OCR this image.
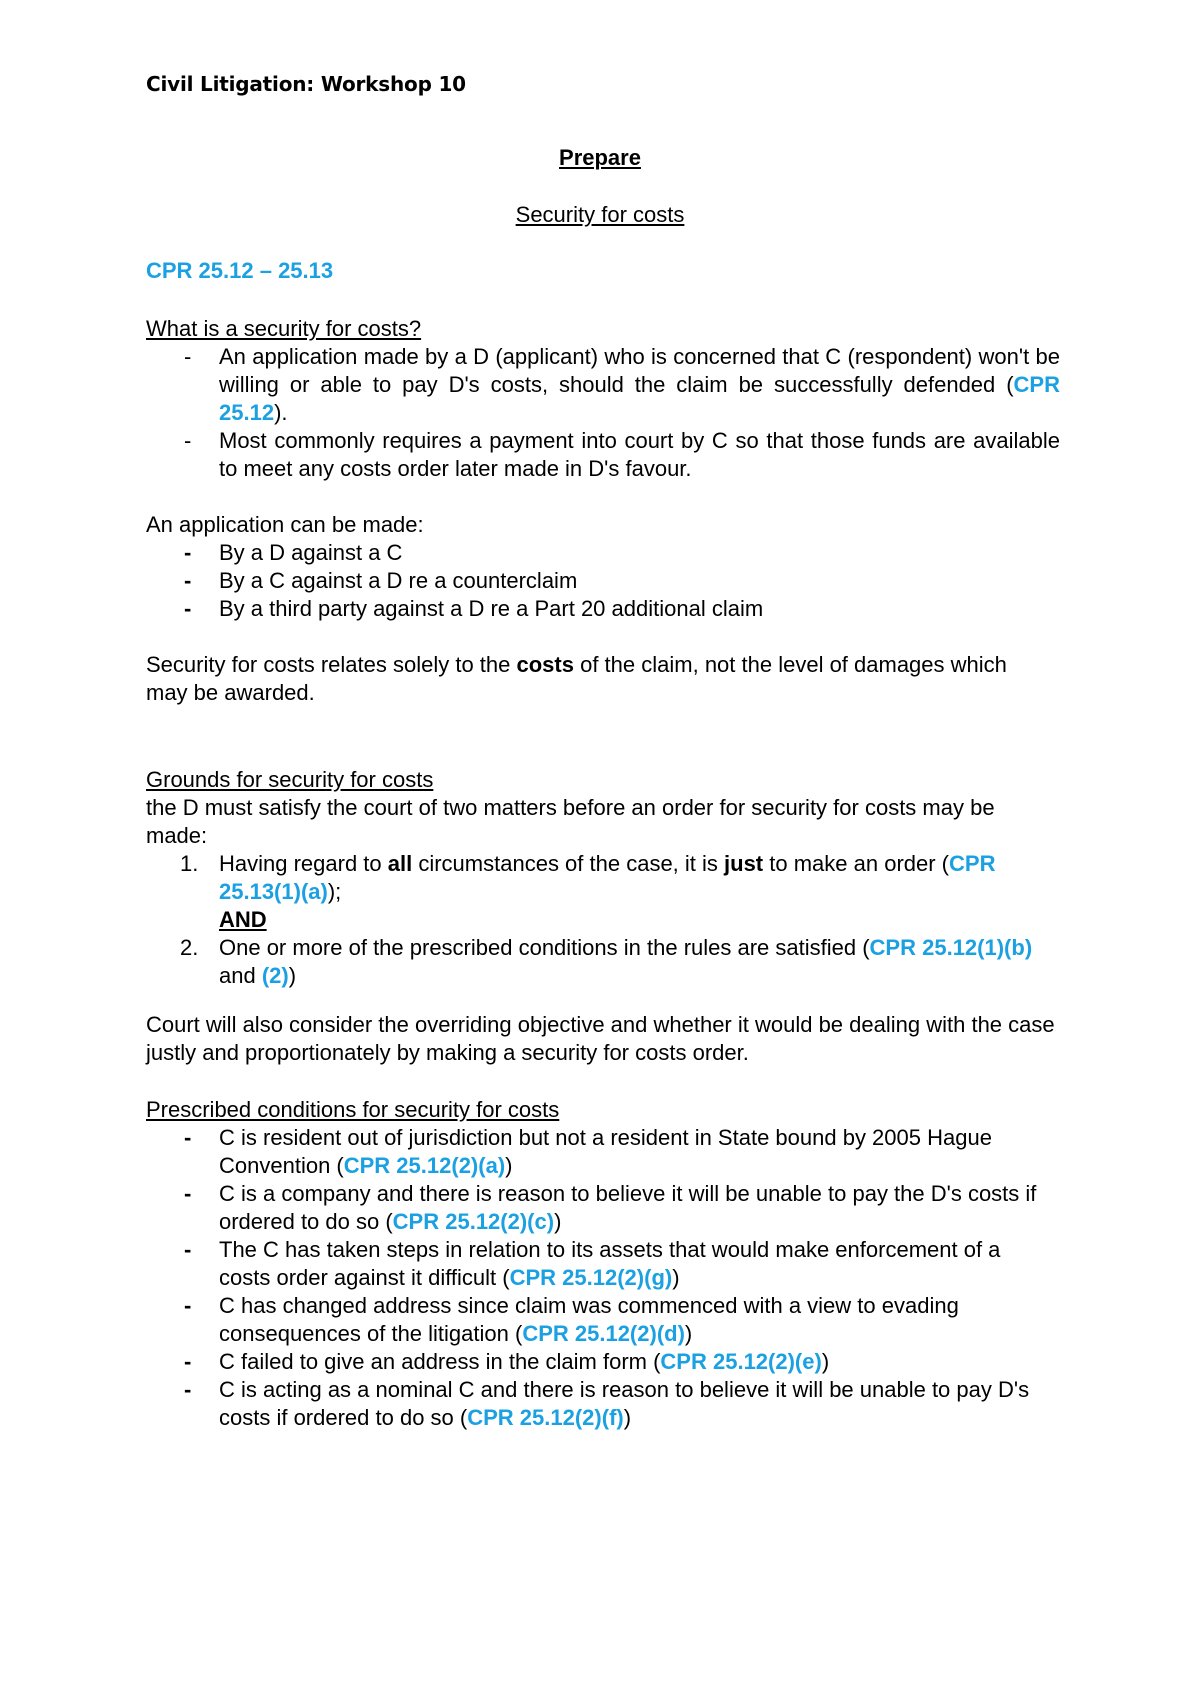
Civil Litigation: Workshop 10
Prepare
Security for costs
CPR 25.12 – 25.13
What is a security for costs?
- An application made by a D (applicant) who is concerned that C (respondent) won't be willing or able to pay D's costs, should the claim be successfully defended (CPR 25.12).
- Most commonly requires a payment into court by C so that those funds are available to meet any costs order later made in D's favour.
An application can be made:
- By a D against a C
- By a C against a D re a counterclaim
- By a third party against a D re a Part 20 additional claim
Security for costs relates solely to the costs of the claim, not the level of damages which may be awarded.
Grounds for security for costs
the D must satisfy the court of two matters before an order for security for costs may be made:
1. Having regard to all circumstances of the case, it is just to make an order (CPR 25.13(1)(a));
AND
2. One or more of the prescribed conditions in the rules are satisfied (CPR 25.12(1)(b) and (2))
Court will also consider the overriding objective and whether it would be dealing with the case justly and proportionately by making a security for costs order.
Prescribed conditions for security for costs
- C is resident out of jurisdiction but not a resident in State bound by 2005 Hague Convention (CPR 25.12(2)(a))
- C is a company and there is reason to believe it will be unable to pay the D's costs if ordered to do so (CPR 25.12(2)(c))
- The C has taken steps in relation to its assets that would make enforcement of a costs order against it difficult (CPR 25.12(2)(g))
- C has changed address since claim was commenced with a view to evading consequences of the litigation (CPR 25.12(2)(d))
- C failed to give an address in the claim form (CPR 25.12(2)(e))
- C is acting as a nominal C and there is reason to believe it will be unable to pay D's costs if ordered to do so (CPR 25.12(2)(f))
